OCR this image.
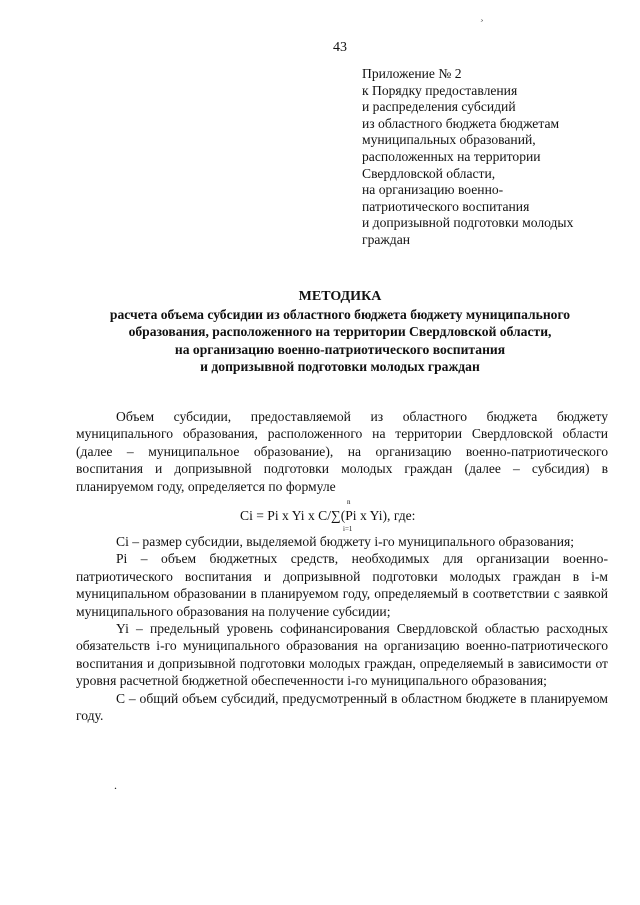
¸
43
Приложение № 2
к Порядку предоставления
и распределения субсидий
из областного бюджета бюджетам
муниципальных образований,
расположенных на территории
Свердловской области,
на организацию военно-
патриотического воспитания
и допризывной подготовки молодых
граждан
МЕТОДИКА
расчета объема субсидии из областного бюджета бюджету муниципального
образования, расположенного на территории Свердловской области,
на организацию военно-патриотического воспитания
и допризывной подготовки молодых граждан

Объем субсидии, предоставляемой из областного бюджета бюджету муниципального образования, расположенного на территории Свердловской области (далее – муниципальное образование), на организацию военно-патриотического воспитания и допризывной подготовки молодых граждан (далее – субсидия) в планируемом году, определяется по формуле

n
Ci = Pi x Yi x C/∑(Pi x Yi), где:
i=1

Ci – размер субсидии, выделяемой бюджету i-го муниципального образования;

Pi – объем бюджетных средств, необходимых для организации военно-патриотического воспитания и допризывной подготовки молодых граждан в i-м муниципальном образовании в планируемом году, определяемый в соответствии с заявкой муниципального образования на получение субсидии;

Yi – предельный уровень софинансирования Свердловской областью расходных обязательств i-го муниципального образования на организацию военно-патриотического воспитания и допризывной подготовки молодых граждан, определяемый в зависимости от уровня расчетной бюджетной обеспеченности i-го муниципального образования;

С – общий объем субсидий, предусмотренный в областном бюджете в планируемом году.

.
